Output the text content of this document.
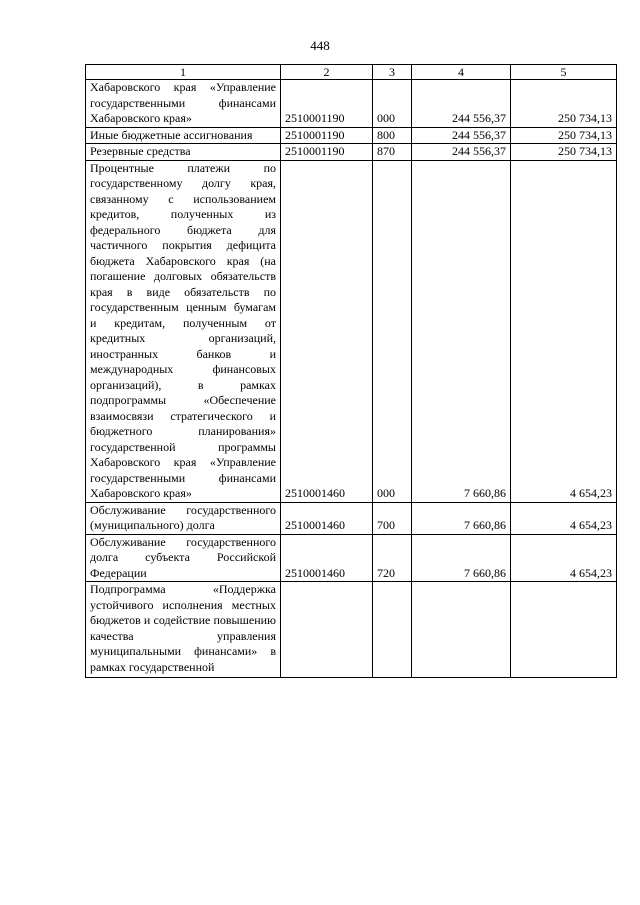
448
1	2	3	4	5
Хабаровского края «Управление государственными финансами Хабаровского края»	2510001190	000	244 556,37	250 734,13
Иные бюджетные ассигнования	2510001190	800	244 556,37	250 734,13
Резервные средства	2510001190	870	244 556,37	250 734,13
Процентные платежи по государственному долгу края, связанному с использованием кредитов, полученных из федерального бюджета для частичного покрытия дефицита бюджета Хабаровского края (на погашение долговых обязательств края в виде обязательств по государственным ценным бумагам и кредитам, полученным от кредитных организаций, иностранных банков и международных финансовых организаций), в рамках подпрограммы «Обеспечение взаимосвязи стратегического и бюджетного планирования» государственной программы Хабаровского края «Управление государственными финансами Хабаровского края»	2510001460	000	7 660,86	4 654,23
Обслуживание государственного (муниципального) долга	2510001460	700	7 660,86	4 654,23
Обслуживание государственного долга субъекта Российской Федерации	2510001460	720	7 660,86	4 654,23
Подпрограмма «Поддержка устойчивого исполнения местных бюджетов и содействие повышению качества управления муниципальными финансами» в рамках государственной				
